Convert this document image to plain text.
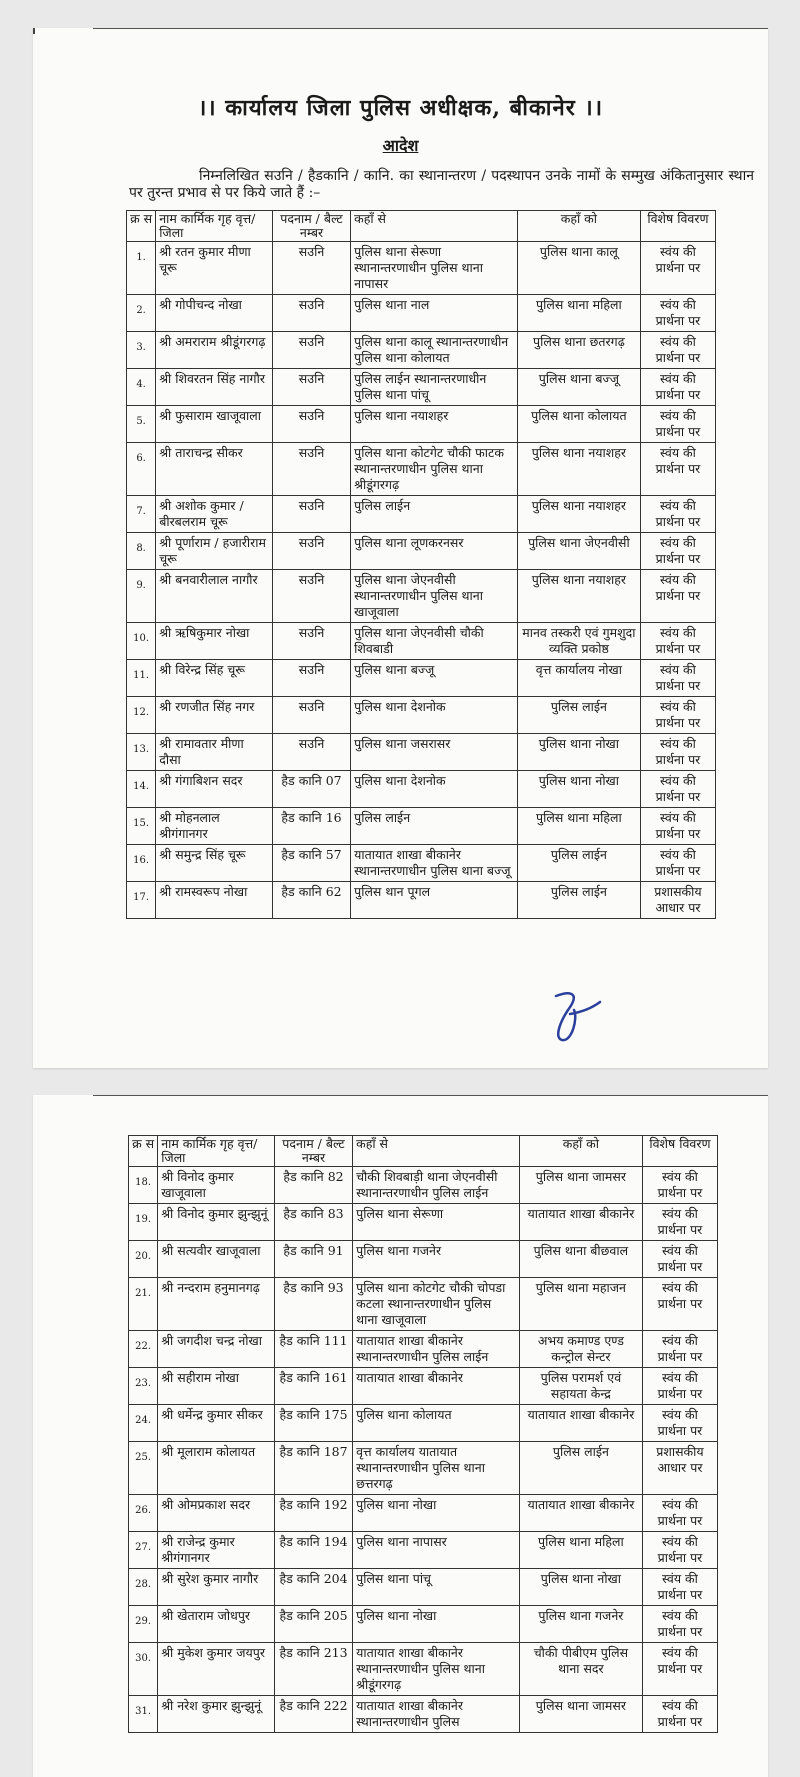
।। कार्यालय जिला पुलिस अधीक्षक, बीकानेर ।।
आदेश
निम्नलिखित सउनि / हैडकानि / कानि. का स्थानान्तरण / पदस्थापन उनके नामों के सम्मुख अंकितानुसार स्थान पर तुरन्त प्रभाव से पर किये जाते हैं :–
क्र स	नाम कार्मिक गृह वृत्त/जिला	पदनाम / बैल्ट नम्बर	कहाँ से	कहाँ को	विशेष विवरण
1.	श्री रतन कुमार मीणा चूरू	सउनि	पुलिस थाना सेरूणा स्थानान्तरणाधीन पुलिस थाना नापासर	पुलिस थाना कालू	स्वंय की प्रार्थना पर
2.	श्री गोपीचन्द नोखा	सउनि	पुलिस थाना नाल	पुलिस थाना महिला	स्वंय की प्रार्थना पर
3.	श्री अमराराम श्रीडूंगरगढ़	सउनि	पुलिस थाना कालू स्थानान्तरणाधीन पुलिस थाना कोलायत	पुलिस थाना छतरगढ़	स्वंय की प्रार्थना पर
4.	श्री शिवरतन सिंह नागौर	सउनि	पुलिस लाईन स्थानान्तरणाधीन पुलिस थाना पांचू	पुलिस थाना बज्जू	स्वंय की प्रार्थना पर
5.	श्री फुसाराम खाजूवाला	सउनि	पुलिस थाना नयाशहर	पुलिस थाना कोलायत	स्वंय की प्रार्थना पर
6.	श्री ताराचन्द्र सीकर	सउनि	पुलिस थाना कोटगेट चौकी फाटक स्थानान्तरणाधीन पुलिस थाना श्रीडूंगरगढ़	पुलिस थाना नयाशहर	स्वंय की प्रार्थना पर
7.	श्री अशोक कुमार / बीरबलराम चूरू	सउनि	पुलिस लाईन	पुलिस थाना नयाशहर	स्वंय की प्रार्थना पर
8.	श्री पूर्णाराम / हजारीराम चूरू	सउनि	पुलिस थाना लूणकरनसर	पुलिस थाना जेएनवीसी	स्वंय की प्रार्थना पर
9.	श्री बनवारीलाल नागौर	सउनि	पुलिस थाना जेएनवीसी स्थानान्तरणाधीन पुलिस थाना खाजूवाला	पुलिस थाना नयाशहर	स्वंय की प्रार्थना पर
10.	श्री ऋषिकुमार नोखा	सउनि	पुलिस थाना जेएनवीसी चौकी शिवबाडी	मानव तस्करी एवं गुमशुदा व्यक्ति प्रकोष्ठ	स्वंय की प्रार्थना पर
11.	श्री विरेन्द्र सिंह चूरू	सउनि	पुलिस थाना बज्जू	वृत्त कार्यालय नोखा	स्वंय की प्रार्थना पर
12.	श्री रणजीत सिंह नगर	सउनि	पुलिस थाना देशनोक	पुलिस लाईन	स्वंय की प्रार्थना पर
13.	श्री रामावतार मीणा दौसा	सउनि	पुलिस थाना जसरासर	पुलिस थाना नोखा	स्वंय की प्रार्थना पर
14.	श्री गंगाबिशन सदर	हैड कानि 07	पुलिस थाना देशनोक	पुलिस थाना नोखा	स्वंय की प्रार्थना पर
15.	श्री मोहनलाल श्रीगंगानगर	हैड कानि 16	पुलिस लाईन	पुलिस थाना महिला	स्वंय की प्रार्थना पर
16.	श्री समुन्द्र सिंह चूरू	हैड कानि 57	यातायात शाखा बीकानेर स्थानान्तरणाधीन पुलिस थाना बज्जू	पुलिस लाईन	स्वंय की प्रार्थना पर
17.	श्री रामस्वरूप नोखा	हैड कानि 62	पुलिस थान पूगल	पुलिस लाईन	प्रशासकीय आधार पर
क्र स	नाम कार्मिक गृह वृत्त/जिला	पदनाम / बैल्ट नम्बर	कहाँ से	कहाँ को	विशेष विवरण
18.	श्री विनोद कुमार खाजूवाला	हैड कानि 82	चौकी शिवबाड़ी थाना जेएनवीसी स्थानान्तरणाधीन पुलिस लाईन	पुलिस थाना जामसर	स्वंय की प्रार्थना पर
19.	श्री विनोद कुमार झुन्झुनूं	हैड कानि 83	पुलिस थाना सेरूणा	यातायात शाखा बीकानेर	स्वंय की प्रार्थना पर
20.	श्री सत्यवीर खाजूवाला	हैड कानि 91	पुलिस थाना गजनेर	पुलिस थाना बीछवाल	स्वंय की प्रार्थना पर
21.	श्री नन्दराम हनुमानगढ़	हैड कानि 93	पुलिस थाना कोटगेट चौकी चोपडा कटला स्थानान्तरणाधीन पुलिस थाना खाजूवाला	पुलिस थाना महाजन	स्वंय की प्रार्थना पर
22.	श्री जगदीश चन्द्र नोखा	हैड कानि 111	यातायात शाखा बीकानेर स्थानान्तरणाधीन पुलिस लाईन	अभय कमाण्ड एण्ड कन्ट्रोल सेन्टर	स्वंय की प्रार्थना पर
23.	श्री सहीराम नोखा	हैड कानि 161	यातायात शाखा बीकानेर	पुलिस परामर्श एवं सहायता केन्द्र	स्वंय की प्रार्थना पर
24.	श्री धर्मेन्द्र कुमार सीकर	हैड कानि 175	पुलिस थाना कोलायत	यातायात शाखा बीकानेर	स्वंय की प्रार्थना पर
25.	श्री मूलाराम कोलायत	हैड कानि 187	वृत्त कार्यालय यातायात स्थानान्तरणाधीन पुलिस थाना छत्तरगढ़	पुलिस लाईन	प्रशासकीय आधार पर
26.	श्री ओमप्रकाश सदर	हैड कानि 192	पुलिस थाना नोखा	यातायात शाखा बीकानेर	स्वंय की प्रार्थना पर
27.	श्री राजेन्द्र कुमार श्रीगंगानगर	हैड कानि 194	पुलिस थाना नापासर	पुलिस थाना महिला	स्वंय की प्रार्थना पर
28.	श्री सुरेश कुमार नागौर	हैड कानि 204	पुलिस थाना पांचू	पुलिस थाना नोखा	स्वंय की प्रार्थना पर
29.	श्री खेताराम जोधपुर	हैड कानि 205	पुलिस थाना नोखा	पुलिस थाना गजनेर	स्वंय की प्रार्थना पर
30.	श्री मुकेश कुमार जयपुर	हैड कानि 213	यातायात शाखा बीकानेर स्थानान्तरणाधीन पुलिस थाना श्रीडूंगरगढ़	चौकी पीबीएम पुलिस थाना सदर	स्वंय की प्रार्थना पर
31.	श्री नरेश कुमार झुन्झुनूं	हैड कानि 222	यातायात शाखा बीकानेर स्थानान्तरणाधीन पुलिस	पुलिस थाना जामसर	स्वंय की प्रार्थना पर
